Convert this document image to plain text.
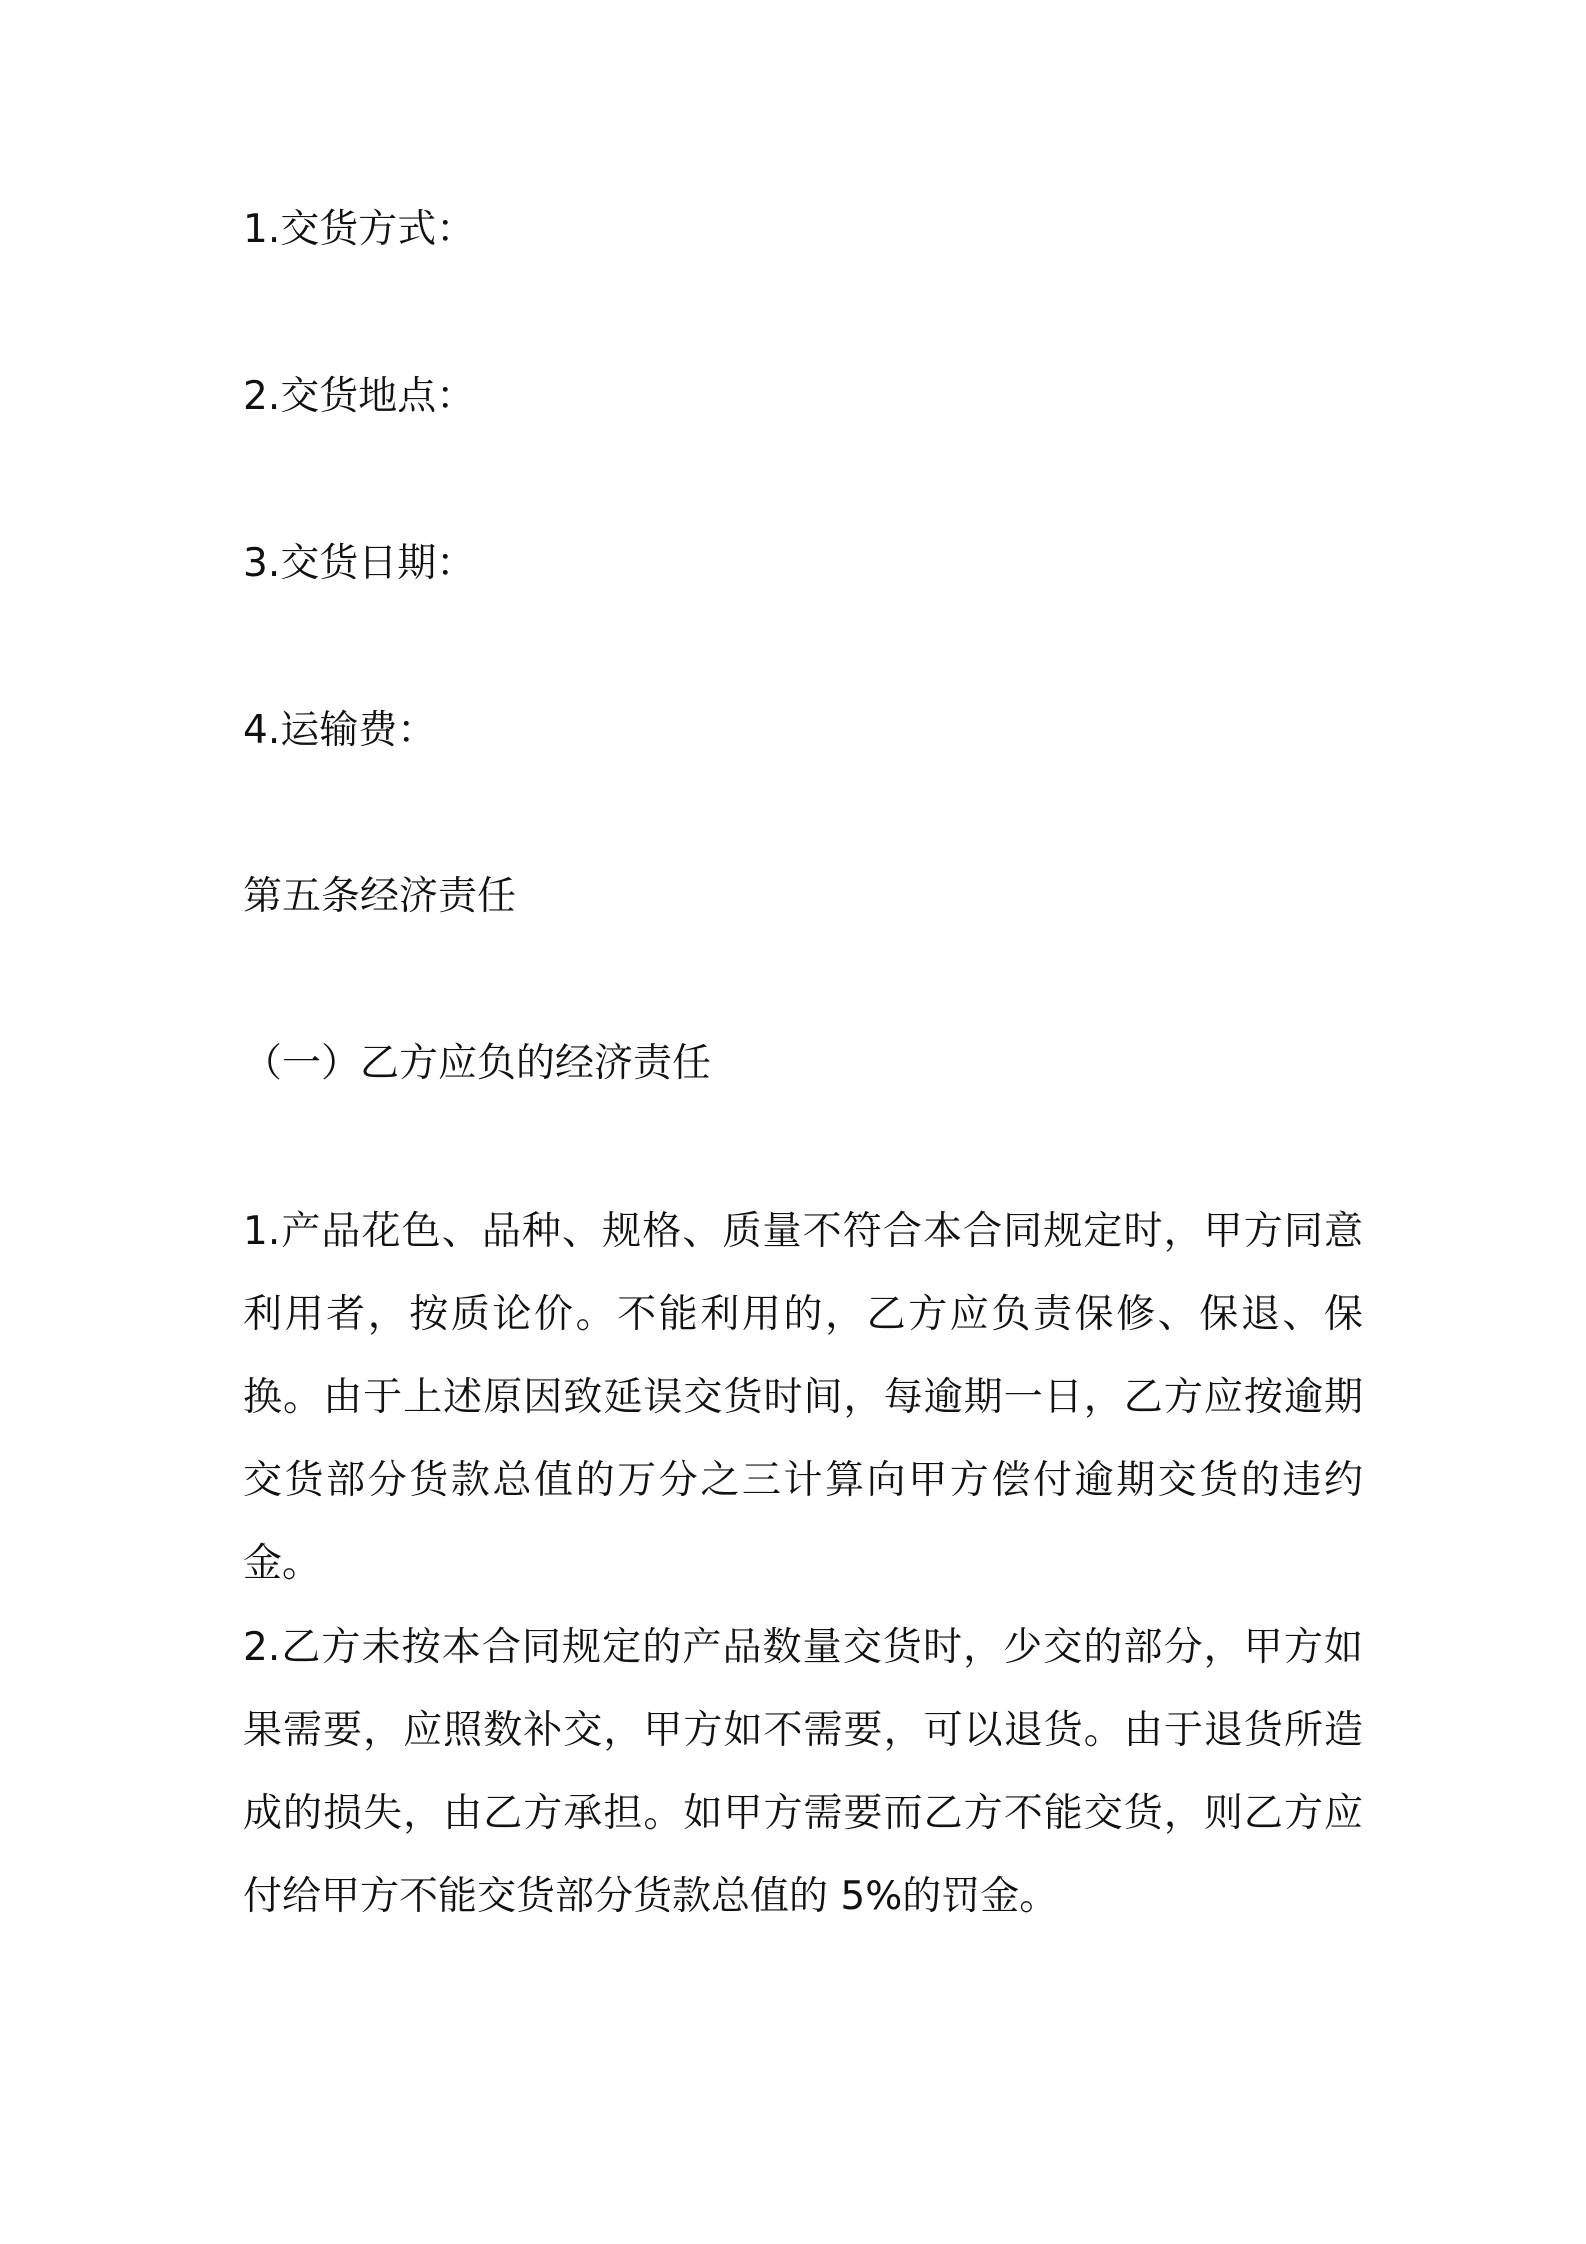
1.交货方式：
2.交货地点：
3.交货日期：
4.运输费：
第五条经济责任
（一）乙方应负的经济责任
1.产品花色、品种、规格、质量不符合本合同规定时，甲方同意利用者，按质论价。不能利用的，乙方应负责保修、保退、保换。由于上述原因致延误交货时间，每逾期一日，乙方应按逾期交货部分货款总值的万分之三计算向甲方偿付逾期交货的违约金。
2.乙方未按本合同规定的产品数量交货时，少交的部分，甲方如果需要，应照数补交，甲方如不需要，可以退货。由于退货所造成的损失，由乙方承担。如甲方需要而乙方不能交货，则乙方应付给甲方不能交货部分货款总值的 5%的罚金。
